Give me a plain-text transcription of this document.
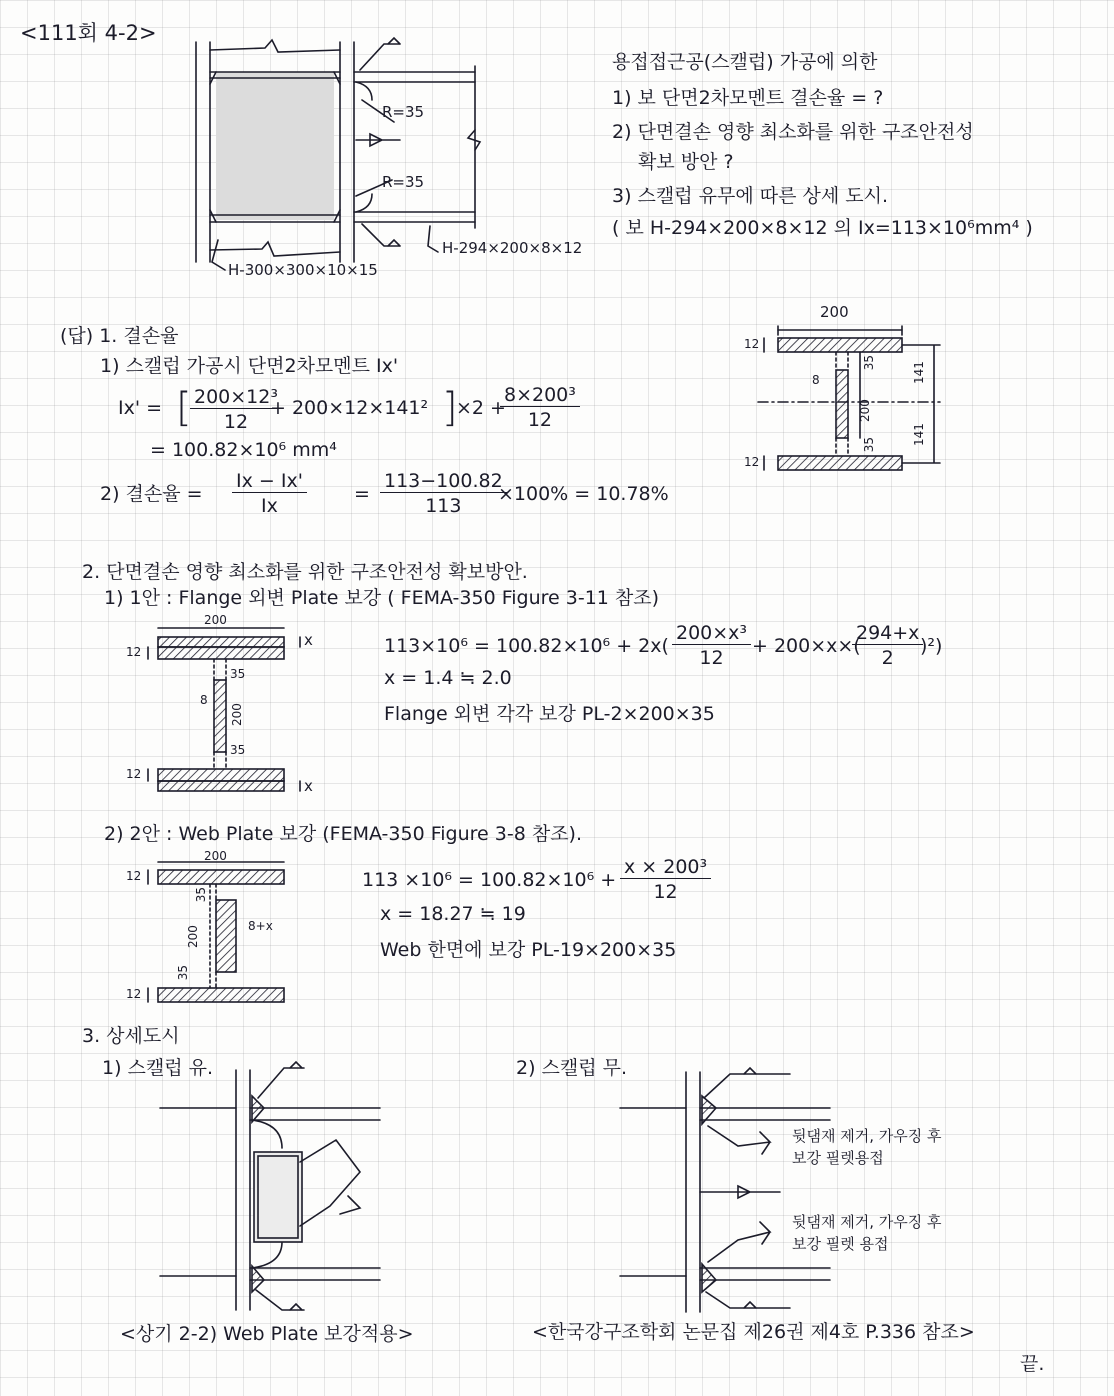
<111회 4-2>
R=35
R=35
H-300×300×10×15
H-294×200×8×12
용접접근공(스캘럽) 가공에 의한
1) 보 단면2차모멘트 결손율 = ?
2) 단면결손 영향 최소화를 위한 구조안전성
확보 방안 ?
3) 스캘럽 유무에 따른 상세 도시.
( 보 H-294×200×8×12 의 Ix=113×10⁶mm⁴ )
(답) 1. 결손율
1) 스캘럽 가공시 단면2차모멘트 Ix'
Ix' = [
$\frac{\text{200×12³}}{12}$
+ 200×12×141² ]
×2 +
$\frac{\text{8×200³}}{12}$
= 100.82×10⁶ mm⁴
2) 결손율 = $\frac{Ix - Ix'}{Ix} = \frac{113-100.82}{113}$
×100% = 10.78%
200
12
12
8	141
141
200
35
35
2. 단면결손 영향 최소화를 위한 구조안전성 확보방안.
1) 1안 : Flange 외변 Plate 보강 ( FEMA-350 Figure 3-11 참조)
200
12
12
x
x
8
200
35
35
$113\times 10^6 = 100.82\times 10^6 + 2x( \frac{\text{200×x³}}{12} + 200\times x\times$(
$\frac{294+x}{2}$
)²)
x = 1.4 ≒ 2.0
Flange 외변 각각 보강 PL-2×200×35
2) 2안 : Web Plate 보강 (FEMA-350 Figure 3-8 참조).
200
12
12
8+x
200
35
35
$113 \times 10^6 = 100.82\times 10^6 + \frac{\text{x × 200³}}{12}$
x = 18.27 ≒ 19
Web 한면에 보강 PL-19×200×35
3. 상세도시
1) 스캘럽 유.	2) 스캘럽 무.
뒷댐재 제거, 가우징 후
보강 필렛용접
뒷댐재 제거, 가우징 후
보강 필렛 용접
<상기 2-2) Web Plate 보강적용>	<한국강구조학회 논문집 제26권 제4호 P.336 참조>
끝.
